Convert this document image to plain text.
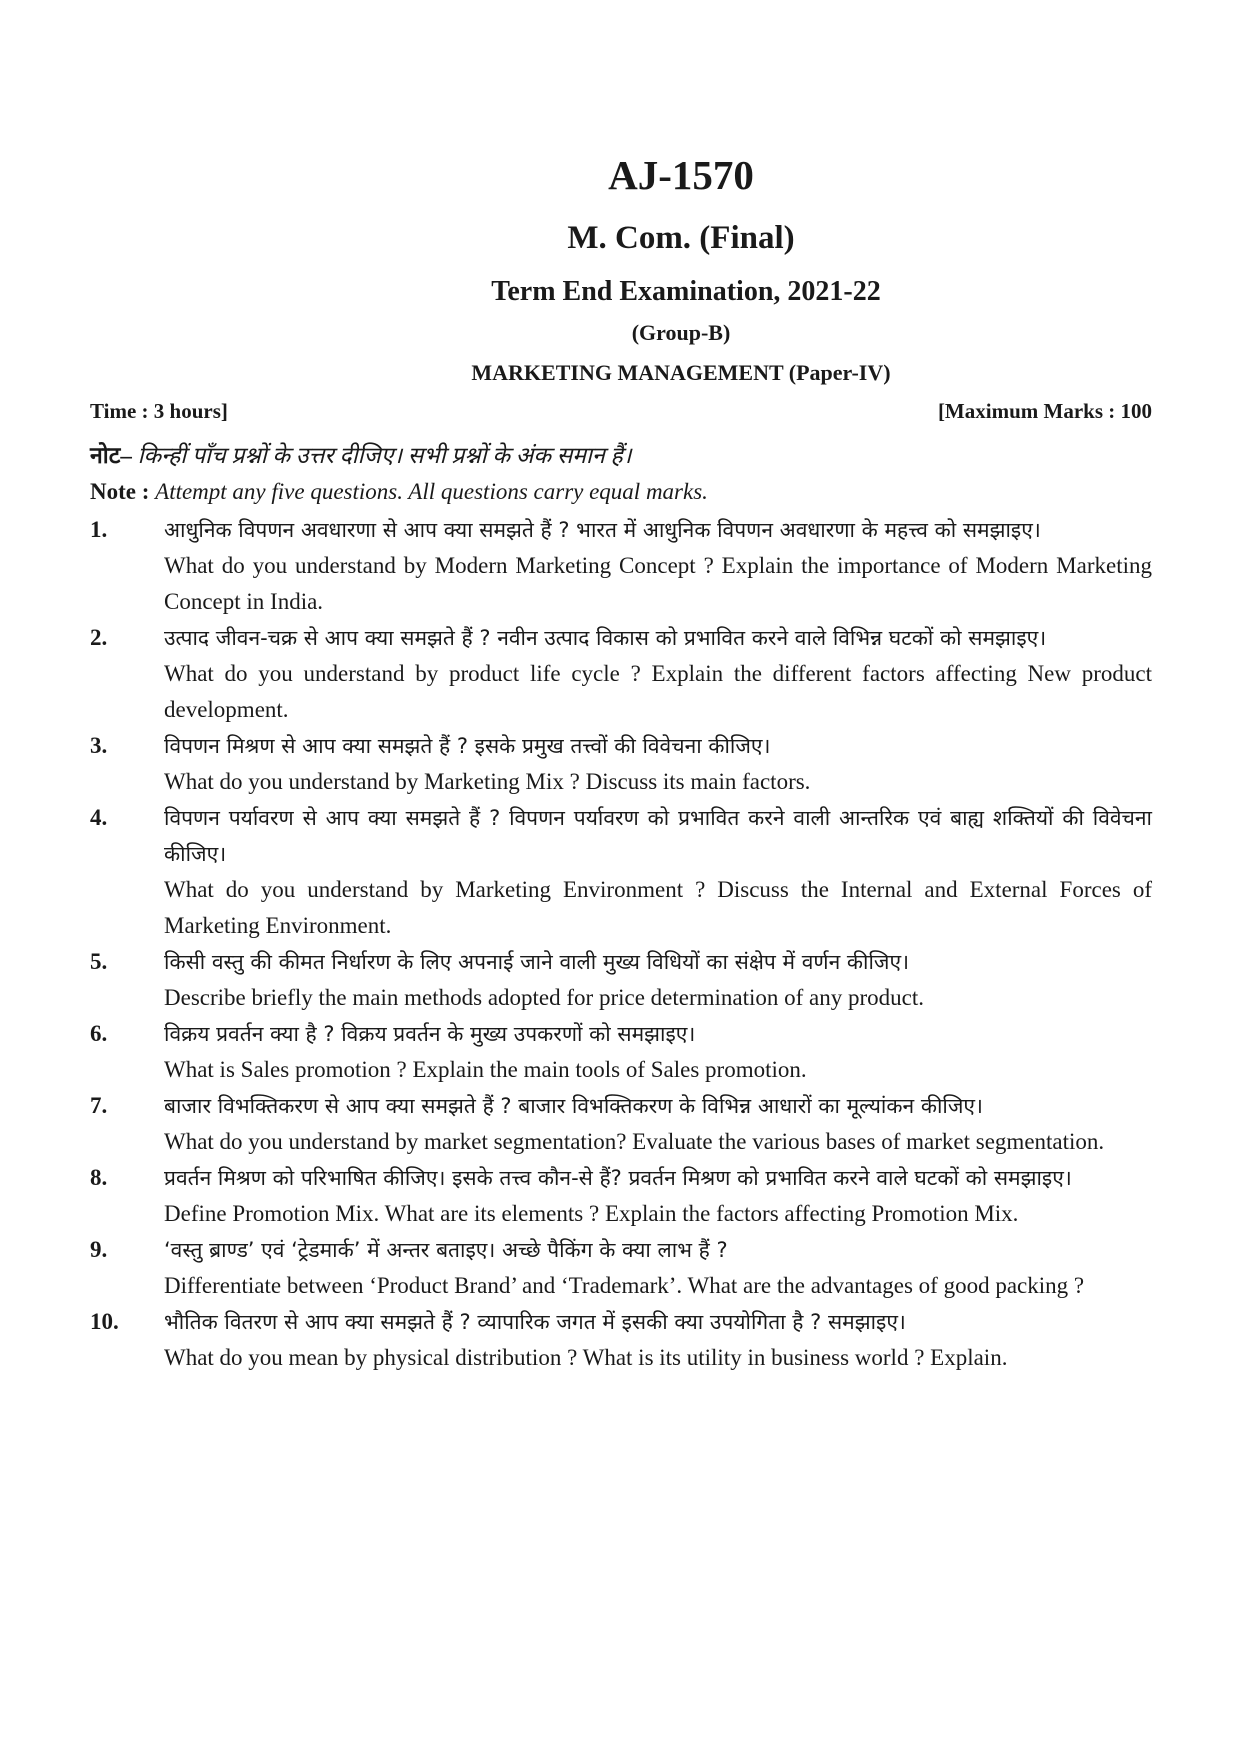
AJ-1570
M. Com. (Final)
Term End Examination, 2021-22
(Group-B)
MARKETING MANAGEMENT (Paper-IV)
Time : 3 hours]	[Maximum Marks : 100
नोट– किन्हीं पाँच प्रश्नों के उत्तर दीजिए। सभी प्रश्नों के अंक समान हैं।
Note : Attempt any five questions. All questions carry equal marks.
1.	आधुनिक विपणन अवधारणा से आप क्या समझते हैं ? भारत में आधुनिक विपणन अवधारणा के महत्त्व को समझाइए।

What do you understand by Modern Marketing Concept ? Explain the importance of Modern Marketing Concept in India.

2.	उत्पाद जीवन-चक्र से आप क्या समझते हैं ? नवीन उत्पाद विकास को प्रभावित करने वाले विभिन्न घटकों को समझाइए।

What do you understand by product life cycle ? Explain the different factors affecting New product development.

3.	विपणन मिश्रण से आप क्या समझते हैं ? इसके प्रमुख तत्त्वों की विवेचना कीजिए।

What do you understand by Marketing Mix ? Discuss its main factors.

4.	विपणन पर्यावरण से आप क्या समझते हैं ? विपणन पर्यावरण को प्रभावित करने वाली आन्तरिक एवं बाह्य शक्तियों की विवेचना कीजिए।

What do you understand by Marketing Environment ? Discuss the Internal and External Forces of Marketing Environment.

5.	किसी वस्तु की कीमत निर्धारण के लिए अपनाई जाने वाली मुख्य विधियों का संक्षेप में वर्णन कीजिए।

Describe briefly the main methods adopted for price determination of any product.

6.	विक्रय प्रवर्तन क्या है ? विक्रय प्रवर्तन के मुख्य उपकरणों को समझाइए।

What is Sales promotion ? Explain the main tools of Sales promotion.

7.	बाजार विभक्तिकरण से आप क्या समझते हैं ? बाजार विभक्तिकरण के विभिन्न आधारों का मूल्यांकन कीजिए।

What do you understand by market segmentation? Evaluate the various bases of market segmentation.

8.	प्रवर्तन मिश्रण को परिभाषित कीजिए। इसके तत्त्व कौन-से हैं? प्रवर्तन मिश्रण को प्रभावित करने वाले घटकों को समझाइए।

Define Promotion Mix. What are its elements ? Explain the factors affecting Promotion Mix.

9.	‘वस्तु ब्राण्ड’ एवं ‘ट्रेडमार्क’ में अन्तर बताइए। अच्छे पैकिंग के क्या लाभ हैं ?

Differentiate between ‘Product Brand’ and ‘Trademark’. What are the advantages of good packing ?

10.	भौतिक वितरण से आप क्या समझते हैं ? व्यापारिक जगत में इसकी क्या उपयोगिता है ? समझाइए।

What do you mean by physical distribution ? What is its utility in business world ? Explain.
